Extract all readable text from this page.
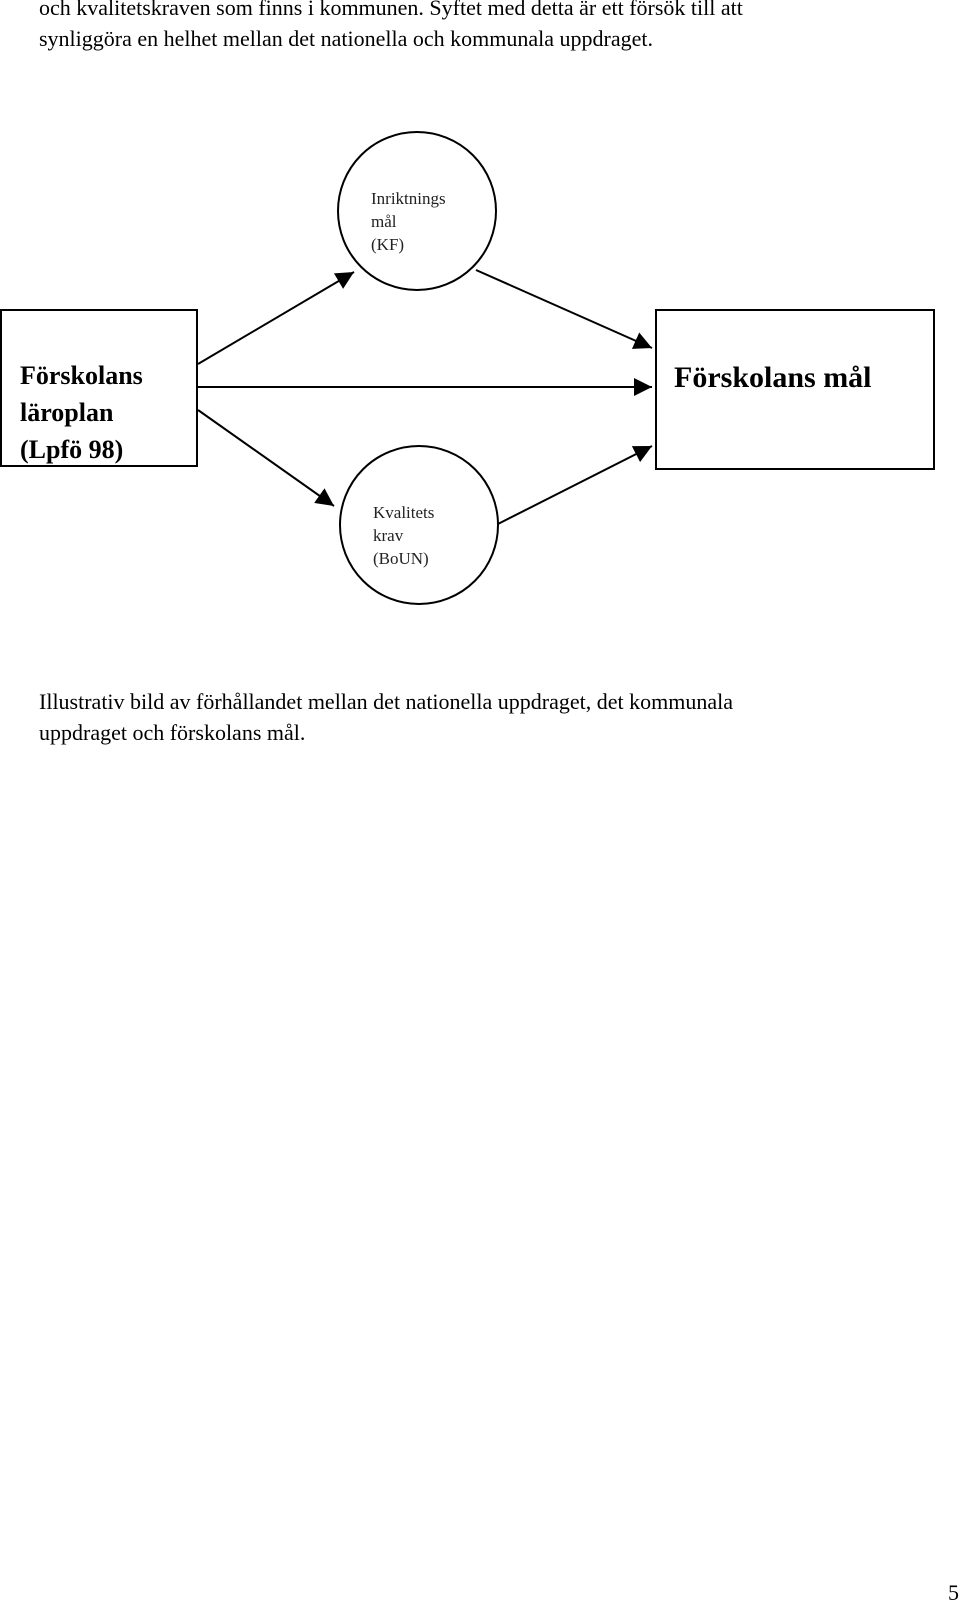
och kvalitetskraven som finns i kommunen. Syftet med detta är ett försök till att
synliggöra en helhet mellan det nationella och kommunala uppdraget.
Förskolans
läroplan
(Lpfö 98)
Förskolans mål
Inriktnings
mål
(KF)
Kvalitets
krav
(BoUN)
Illustrativ bild av förhållandet mellan det nationella uppdraget, det kommunala
uppdraget och förskolans mål.
5
